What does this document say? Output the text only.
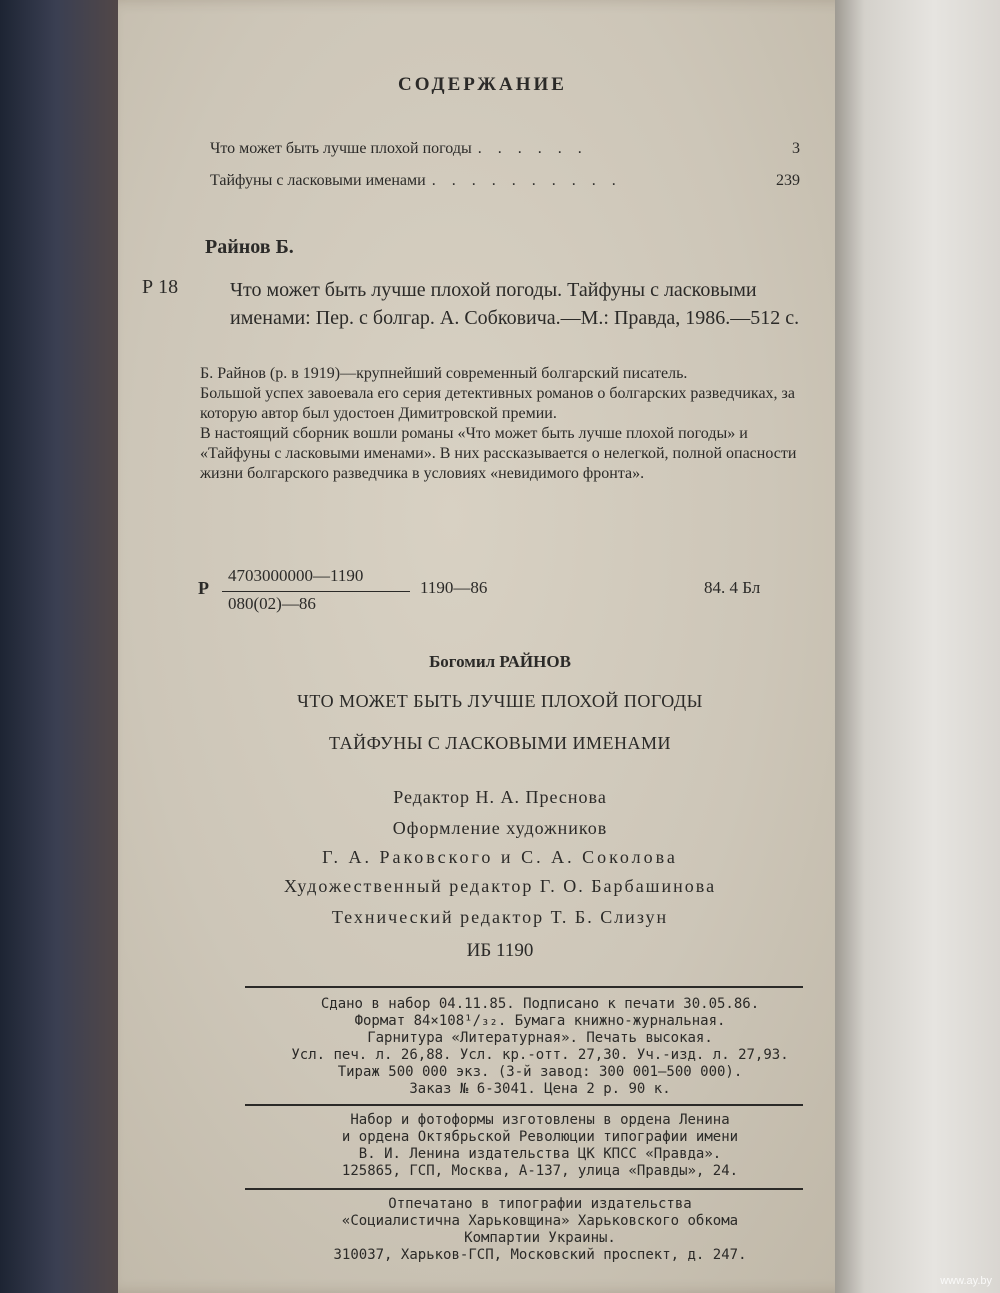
СОДЕРЖАНИЕ
Что может быть лучше плохой погоды . . . . . .	3
Тайфуны с ласковыми именами . . . . . . . . . .	239
Райнов Б.
Р 18	Что может быть лучше плохой погоды. Тайфуны с ласковыми именами: Пер. с болгар. А. Собковича.—М.: Правда, 1986.—512 с.

Б. Райнов (р. в 1919)—крупнейший современный болгарский писатель.

Большой успех завоевала его серия детективных романов о болгарских разведчиках, за которую автор был удостоен Димитровской премии.

В настоящий сборник вошли романы «Что может быть лучше плохой погоды» и «Тайфуны с ласковыми именами». В них рассказывается о нелегкой, полной опасности жизни болгарского разведчика в условиях «невидимого фронта».

Р
4703000000—1190
080(02)—86
1190—86	84. 4 Бл
Богомил РАЙНОВ
ЧТО МОЖЕТ БЫТЬ ЛУЧШЕ ПЛОХОЙ ПОГОДЫ
ТАЙФУНЫ С ЛАСКОВЫМИ ИМЕНАМИ
Редактор Н. А. Преснова
Оформление художников
Г. А. Раковского и С. А. Соколова
Художественный редактор Г. О. Барбашинова
Технический редактор Т. Б. Слизун
ИБ 1190
Сдано в набор 04.11.85. Подписано к печати 30.05.86.
Формат 84×108¹/₃₂. Бумага книжно-журнальная.
Гарнитура «Литературная». Печать высокая.
Усл. печ. л. 26,88. Усл. кр.-отт. 27,30. Уч.-изд. л. 27,93.
Тираж 500 000 экз. (3-й завод: 300 001—500 000).
Заказ № 6-3041. Цена 2 р. 90 к.
Набор и фотоформы изготовлены в ордена Ленина
и ордена Октябрьской Революции типографии имени
В. И. Ленина издательства ЦК КПСС «Правда».
125865, ГСП, Москва, А-137, улица «Правды», 24.
Отпечатано в типографии издательства
«Социалистична Харьковщина» Харьковского обкома
Компартии Украины.
310037, Харьков-ГСП, Московский проспект, д. 247.
www.ay.by
